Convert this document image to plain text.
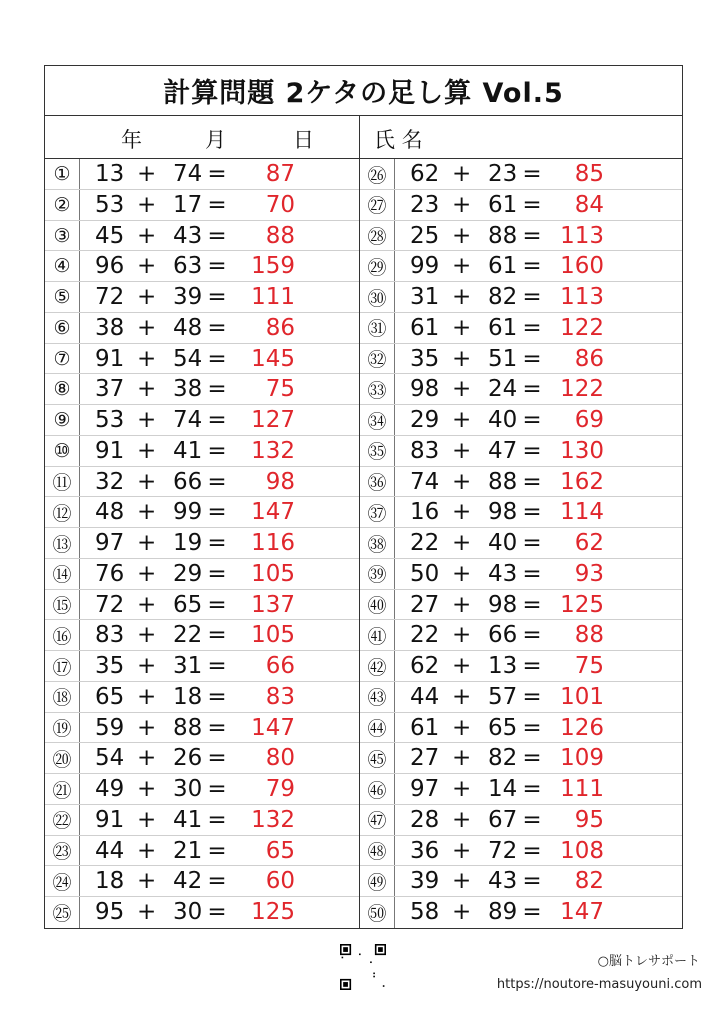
計算問題 2ケタの足し算 Vol.5
年	月	日	氏 名
①	13 + 74 = 87
②	53 + 17 = 70
③	45 + 43 = 88
④	96 + 63 = 159
⑤	72 + 39 = 111
⑥	38 + 48 = 86
⑦	91 + 54 = 145
⑧	37 + 38 = 75
⑨	53 + 74 = 127
⑩	91 + 41 = 132
⑪	32 + 66 = 98
⑫	48 + 99 = 147
⑬	97 + 19 = 116
⑭	76 + 29 = 105
⑮	72 + 65 = 137
⑯	83 + 22 = 105
⑰	35 + 31 = 66
⑱	65 + 18 = 83
⑲	59 + 88 = 147
⑳	54 + 26 = 80
㉑	49 + 30 = 79
㉒	91 + 41 = 132
㉓	44 + 21 = 65
㉔	18 + 42 = 60
㉕	95 + 30 = 125
㉖	62 + 23 = 85
㉗	23 + 61 = 84
㉘	25 + 88 = 113
㉙	99 + 61 = 160
㉚	31 + 82 = 113
㉛	61 + 61 = 122
㉜	35 + 51 = 86
㉝	98 + 24 = 122
㉞	29 + 40 = 69
㉟	83 + 47 = 130
㊱	74 + 88 = 162
㊲	16 + 98 = 114
㊳	22 + 40 = 62
㊴	50 + 43 = 93
㊵	27 + 98 = 125
㊶	22 + 66 = 88
㊷	62 + 13 = 75
㊸	44 + 57 = 101
㊹	61 + 65 = 126
㊺	27 + 82 = 109
㊻	97 + 14 = 111
㊼	28 + 67 = 95
㊽	36 + 72 = 108
㊾	39 + 43 = 82
㊿	58 + 89 = 147
○脳トレサポート
https://noutore-masuyouni.com
